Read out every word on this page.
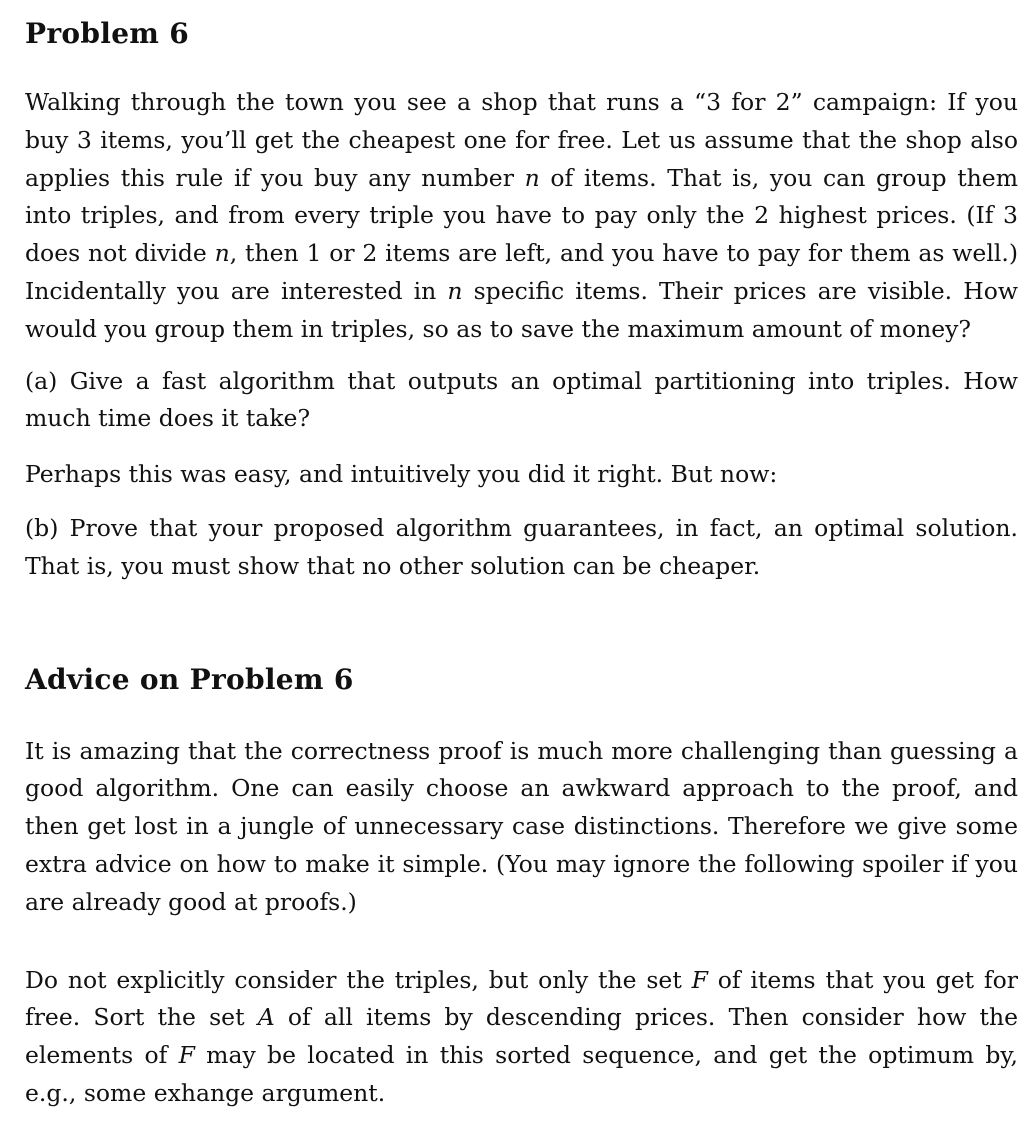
Problem 6

Walking through the town you see a shop that runs a “3 for 2” campaign: If you buy 3 items, you’ll get the cheapest one for free. Let us assume that the shop also applies this rule if you buy any number n of items. That is, you can group them into triples, and from every triple you have to pay only the 2 highest prices. (If 3 does not divide n, then 1 or 2 items are left, and you have to pay for them as well.) Incidentally you are interested in n specific items. Their prices are visible. How would you group them in triples, so as to save the maximum amount of money?

(a) Give a fast algorithm that outputs an optimal partitioning into triples. How much time does it take?

Perhaps this was easy, and intuitively you did it right. But now:

(b) Prove that your proposed algorithm guarantees, in fact, an optimal solution. That is, you must show that no other solution can be cheaper.

Advice on Problem 6

It is amazing that the correctness proof is much more challenging than guessing a good algorithm. One can easily choose an awkward approach to the proof, and then get lost in a jungle of unnecessary case distinctions. Therefore we give some extra advice on how to make it simple. (You may ignore the following spoiler if you are already good at proofs.)

Do not explicitly consider the triples, but only the set F of items that you get for free. Sort the set A of all items by descending prices. Then consider how the elements of F may be located in this sorted sequence, and get the optimum by, e.g., some exhange argument.
